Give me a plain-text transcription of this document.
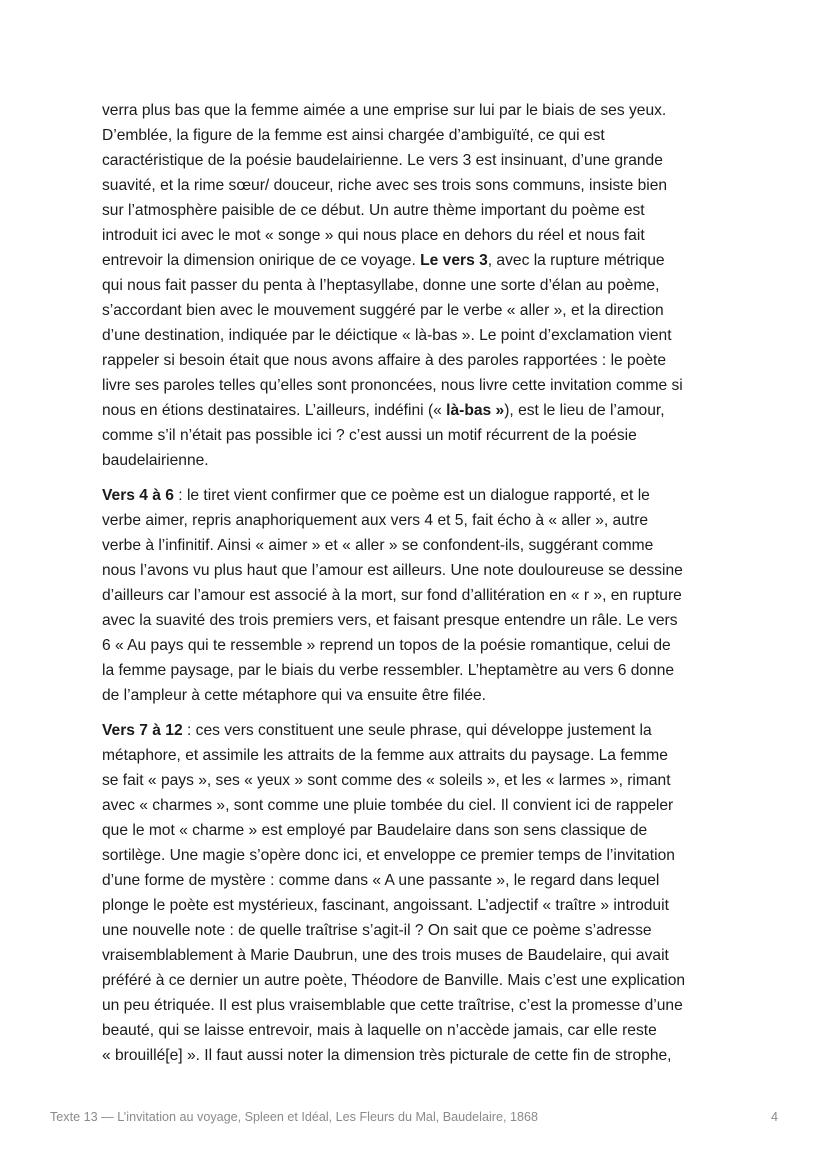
verra plus bas que la femme aimée a une emprise sur lui par le biais de ses yeux.
D’emblée, la figure de la femme est ainsi chargée d’ambiguïté, ce qui est
caractéristique de la poésie baudelairienne. Le vers 3 est insinuant, d’une grande
suavité, et la rime sœur/ douceur, riche avec ses trois sons communs, insiste bien
sur l’atmosphère paisible de ce début. Un autre thème important du poème est
introduit ici avec le mot « songe » qui nous place en dehors du réel et nous fait
entrevoir la dimension onirique de ce voyage. Le vers 3, avec la rupture métrique
qui nous fait passer du penta à l’heptasyllabe, donne une sorte d’élan au poème,
s’accordant bien avec le mouvement suggéré par le verbe « aller », et la direction
d’une destination, indiquée par le déictique « là-bas ». Le point d’exclamation vient
rappeler si besoin était que nous avons affaire à des paroles rapportées : le poète
livre ses paroles telles qu’elles sont prononcées, nous livre cette invitation comme si
nous en étions destinataires. L’ailleurs, indéfini (« là-bas »), est le lieu de l’amour,
comme s’il n’était pas possible ici ? c’est aussi un motif récurrent de la poésie
baudelairienne.
Vers 4 à 6 : le tiret vient confirmer que ce poème est un dialogue rapporté, et le
verbe aimer, repris anaphoriquement aux vers 4 et 5, fait écho à « aller », autre
verbe à l’infinitif. Ainsi « aimer » et « aller » se confondent-ils, suggérant comme
nous l’avons vu plus haut que l’amour est ailleurs. Une note douloureuse se dessine
d’ailleurs car l’amour est associé à la mort, sur fond d’allitération en « r », en rupture
avec la suavité des trois premiers vers, et faisant presque entendre un râle. Le vers
6 « Au pays qui te ressemble » reprend un topos de la poésie romantique, celui de
la femme paysage, par le biais du verbe ressembler. L’heptamètre au vers 6 donne
de l’ampleur à cette métaphore qui va ensuite être filée.
Vers 7 à 12 : ces vers constituent une seule phrase, qui développe justement la
métaphore, et assimile les attraits de la femme aux attraits du paysage. La femme
se fait « pays », ses « yeux » sont comme des « soleils », et les « larmes », rimant
avec « charmes », sont comme une pluie tombée du ciel. Il convient ici de rappeler
que le mot « charme » est employé par Baudelaire dans son sens classique de
sortilège. Une magie s’opère donc ici, et enveloppe ce premier temps de l’invitation
d’une forme de mystère : comme dans « A une passante », le regard dans lequel
plonge le poète est mystérieux, fascinant, angoissant. L’adjectif « traître » introduit
une nouvelle note : de quelle traîtrise s’agit-il ? On sait que ce poème s’adresse
vraisemblablement à Marie Daubrun, une des trois muses de Baudelaire, qui avait
préféré à ce dernier un autre poète, Théodore de Banville. Mais c’est une explication
un peu étriquée. Il est plus vraisemblable que cette traîtrise, c’est la promesse d’une
beauté, qui se laisse entrevoir, mais à laquelle on n’accède jamais, car elle reste
« brouillé[e] ». Il faut aussi noter la dimension très picturale de cette fin de strophe,
Texte 13 — L’invitation au voyage, Spleen et Idéal, Les Fleurs du Mal, Baudelaire, 1868	4
